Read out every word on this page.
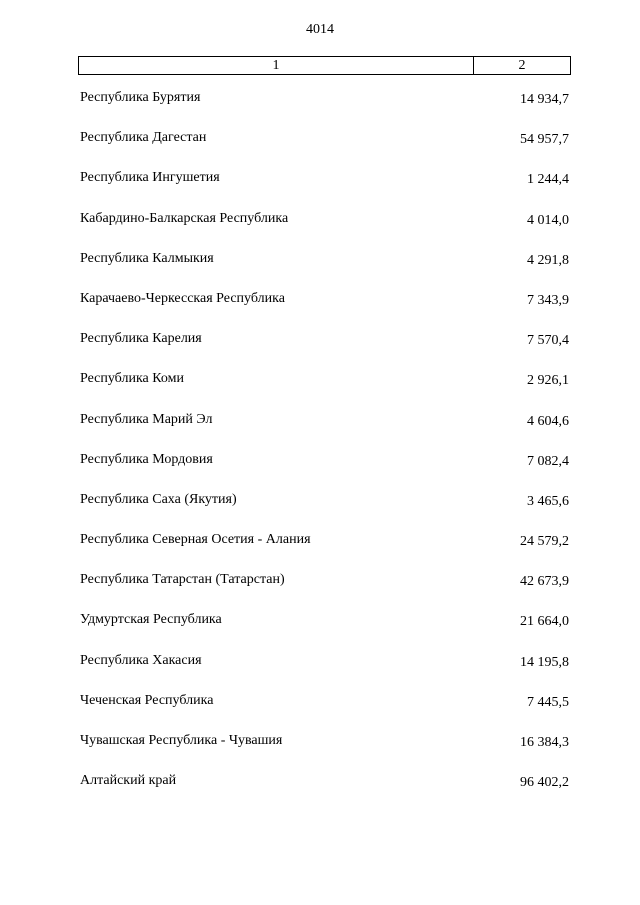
4014
1	2
Республика Бурятия	14 934,7
Республика Дагестан	54 957,7
Республика Ингушетия	1 244,4
Кабардино-Балкарская Республика	4 014,0
Республика Калмыкия	4 291,8
Карачаево-Черкесская Республика	7 343,9
Республика Карелия	7 570,4
Республика Коми	2 926,1
Республика Марий Эл	4 604,6
Республика Мордовия	7 082,4
Республика Саха (Якутия)	3 465,6
Республика Северная Осетия - Алания	24 579,2
Республика Татарстан (Татарстан)	42 673,9
Удмуртская Республика	21 664,0
Республика Хакасия	14 195,8
Чеченская Республика	7 445,5
Чувашская Республика - Чувашия	16 384,3
Алтайский край	96 402,2
